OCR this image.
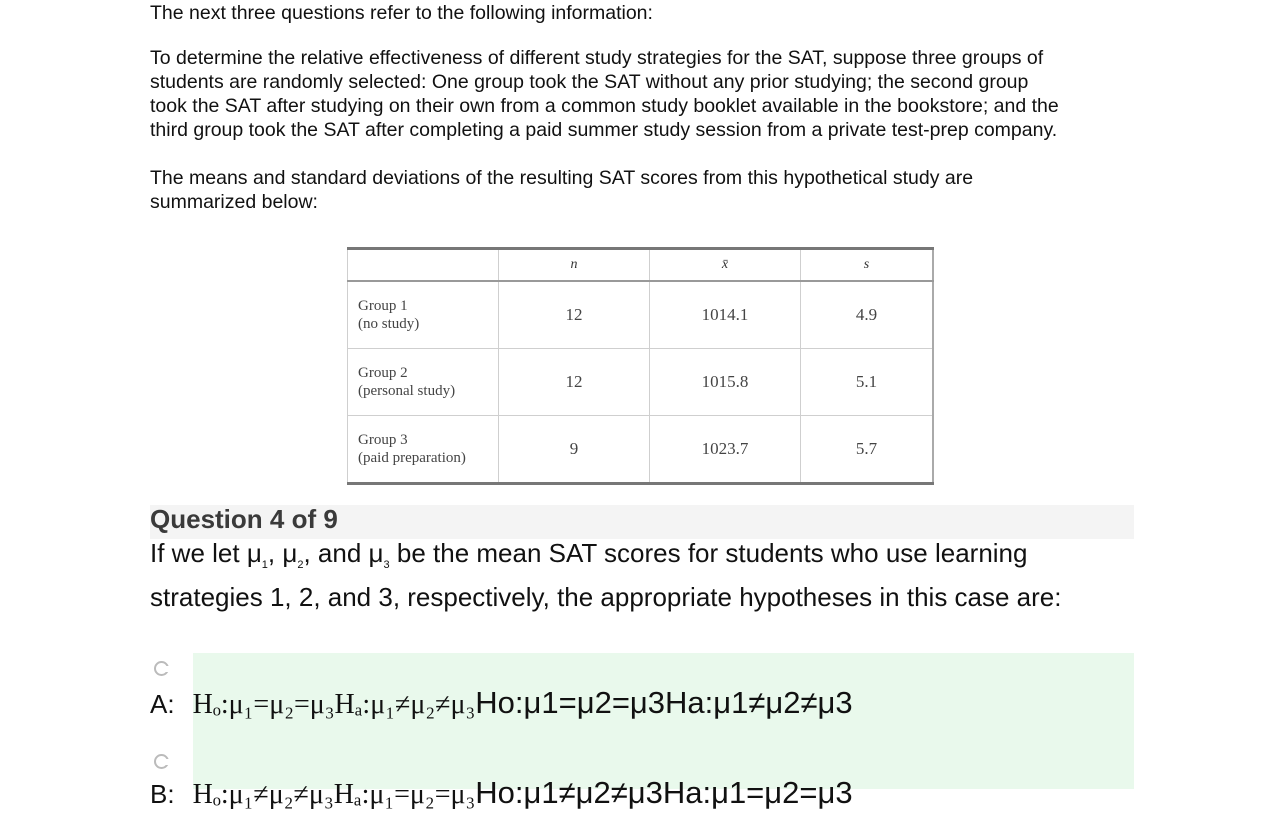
The next three questions refer to the following information:

To determine the relative effectiveness of different study strategies for the SAT, suppose three groups of
students are randomly selected: One group took the SAT without any prior studying; the second group
took the SAT after studying on their own from a common study booklet available in the bookstore; and the
third group took the SAT after completing a paid summer study session from a private test-prep company.
The means and standard deviations of the resulting SAT scores from this hypothetical study are
summarized below:
	n	x̄	s

Group 1
(no study)	12	1014.1	4.9

Group 2
(personal study)	12	1015.8	5.1

Group 3
(paid preparation)	9	1023.7	5.7
Question 4 of 9
If we let $\mu_1$, $\mu_2$, and $\mu_3$ be the mean SAT scores for students who use learning strategies 1, 2, and 3, respectively, the appropriate hypotheses in this case are:
A: Hₒ:μ₁=μ₂=μ₃Hₐ:μ₁≠μ₂≠μ₃Ho:μ1=μ2=μ3Ha:μ1≠μ2≠μ3
B: Hₒ:μ₁≠μ₂≠μ₃Hₐ:μ₁=μ₂=μ₃Ho:μ1≠μ2≠μ3Ha:μ1=μ2=μ3
